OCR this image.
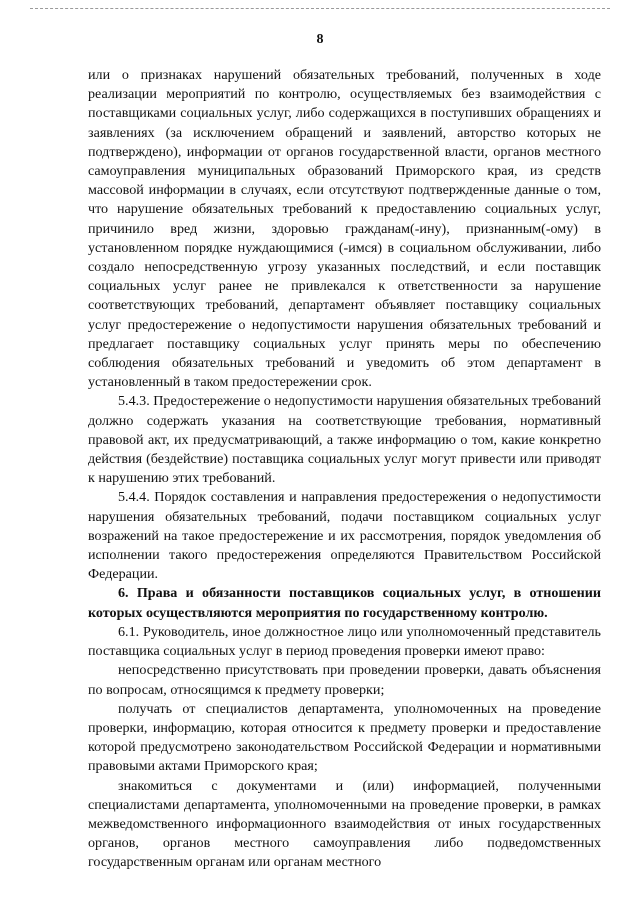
8

или о признаках нарушений обязательных требований, полученных в ходе реализации мероприятий по контролю, осуществляемых без взаимодействия с поставщиками социальных услуг, либо содержащихся в поступивших обращениях и заявлениях (за исключением обращений и заявлений, авторство которых не подтверждено), информации от органов государственной власти, органов местного самоуправления муниципальных образований Приморского края, из средств массовой информации в случаях, если отсутствуют подтвержденные данные о том, что нарушение обязательных требований к предоставлению социальных услуг, причинило вред жизни, здоровью гражданам(-ину), признанным(-ому) в установленном порядке нуждающимися (-имся) в социальном обслуживании, либо создало непосредственную угрозу указанных последствий, и если поставщик социальных услуг ранее не привлекался к ответственности за нарушение соответствующих требований, департамент объявляет поставщику социальных услуг предостережение о недопустимости нарушения обязательных требований и предлагает поставщику социальных услуг принять меры по обеспечению соблюдения обязательных требований и уведомить об этом департамент в установленный в таком предостережении срок.

5.4.3. Предостережение о недопустимости нарушения обязательных требований должно содержать указания на соответствующие требования, нормативный правовой акт, их предусматривающий, а также информацию о том, какие конкретно действия (бездействие) поставщика социальных услуг могут привести или приводят к нарушению этих требований.

5.4.4. Порядок составления и направления предостережения о недопустимости нарушения обязательных требований, подачи поставщиком социальных услуг возражений на такое предостережение и их рассмотрения, порядок уведомления об исполнении такого предостережения определяются Правительством Российской Федерации.

6. Права и обязанности поставщиков социальных услуг, в отношении которых осуществляются мероприятия по государственному контролю.

6.1. Руководитель, иное должностное лицо или уполномоченный представитель поставщика социальных услуг в период проведения проверки имеют право:

непосредственно присутствовать при проведении проверки, давать объяснения по вопросам, относящимся к предмету проверки;

получать от специалистов департамента, уполномоченных на проведение проверки, информацию, которая относится к предмету проверки и предоставление которой предусмотрено законодательством Российской Федерации и нормативными правовыми актами Приморского края;

знакомиться с документами и (или) информацией, полученными специалистами департамента, уполномоченными на проведение проверки, в рамках межведомственного информационного взаимодействия от иных государственных органов, органов местного самоуправления либо подведомственных государственным органам или органам местного
